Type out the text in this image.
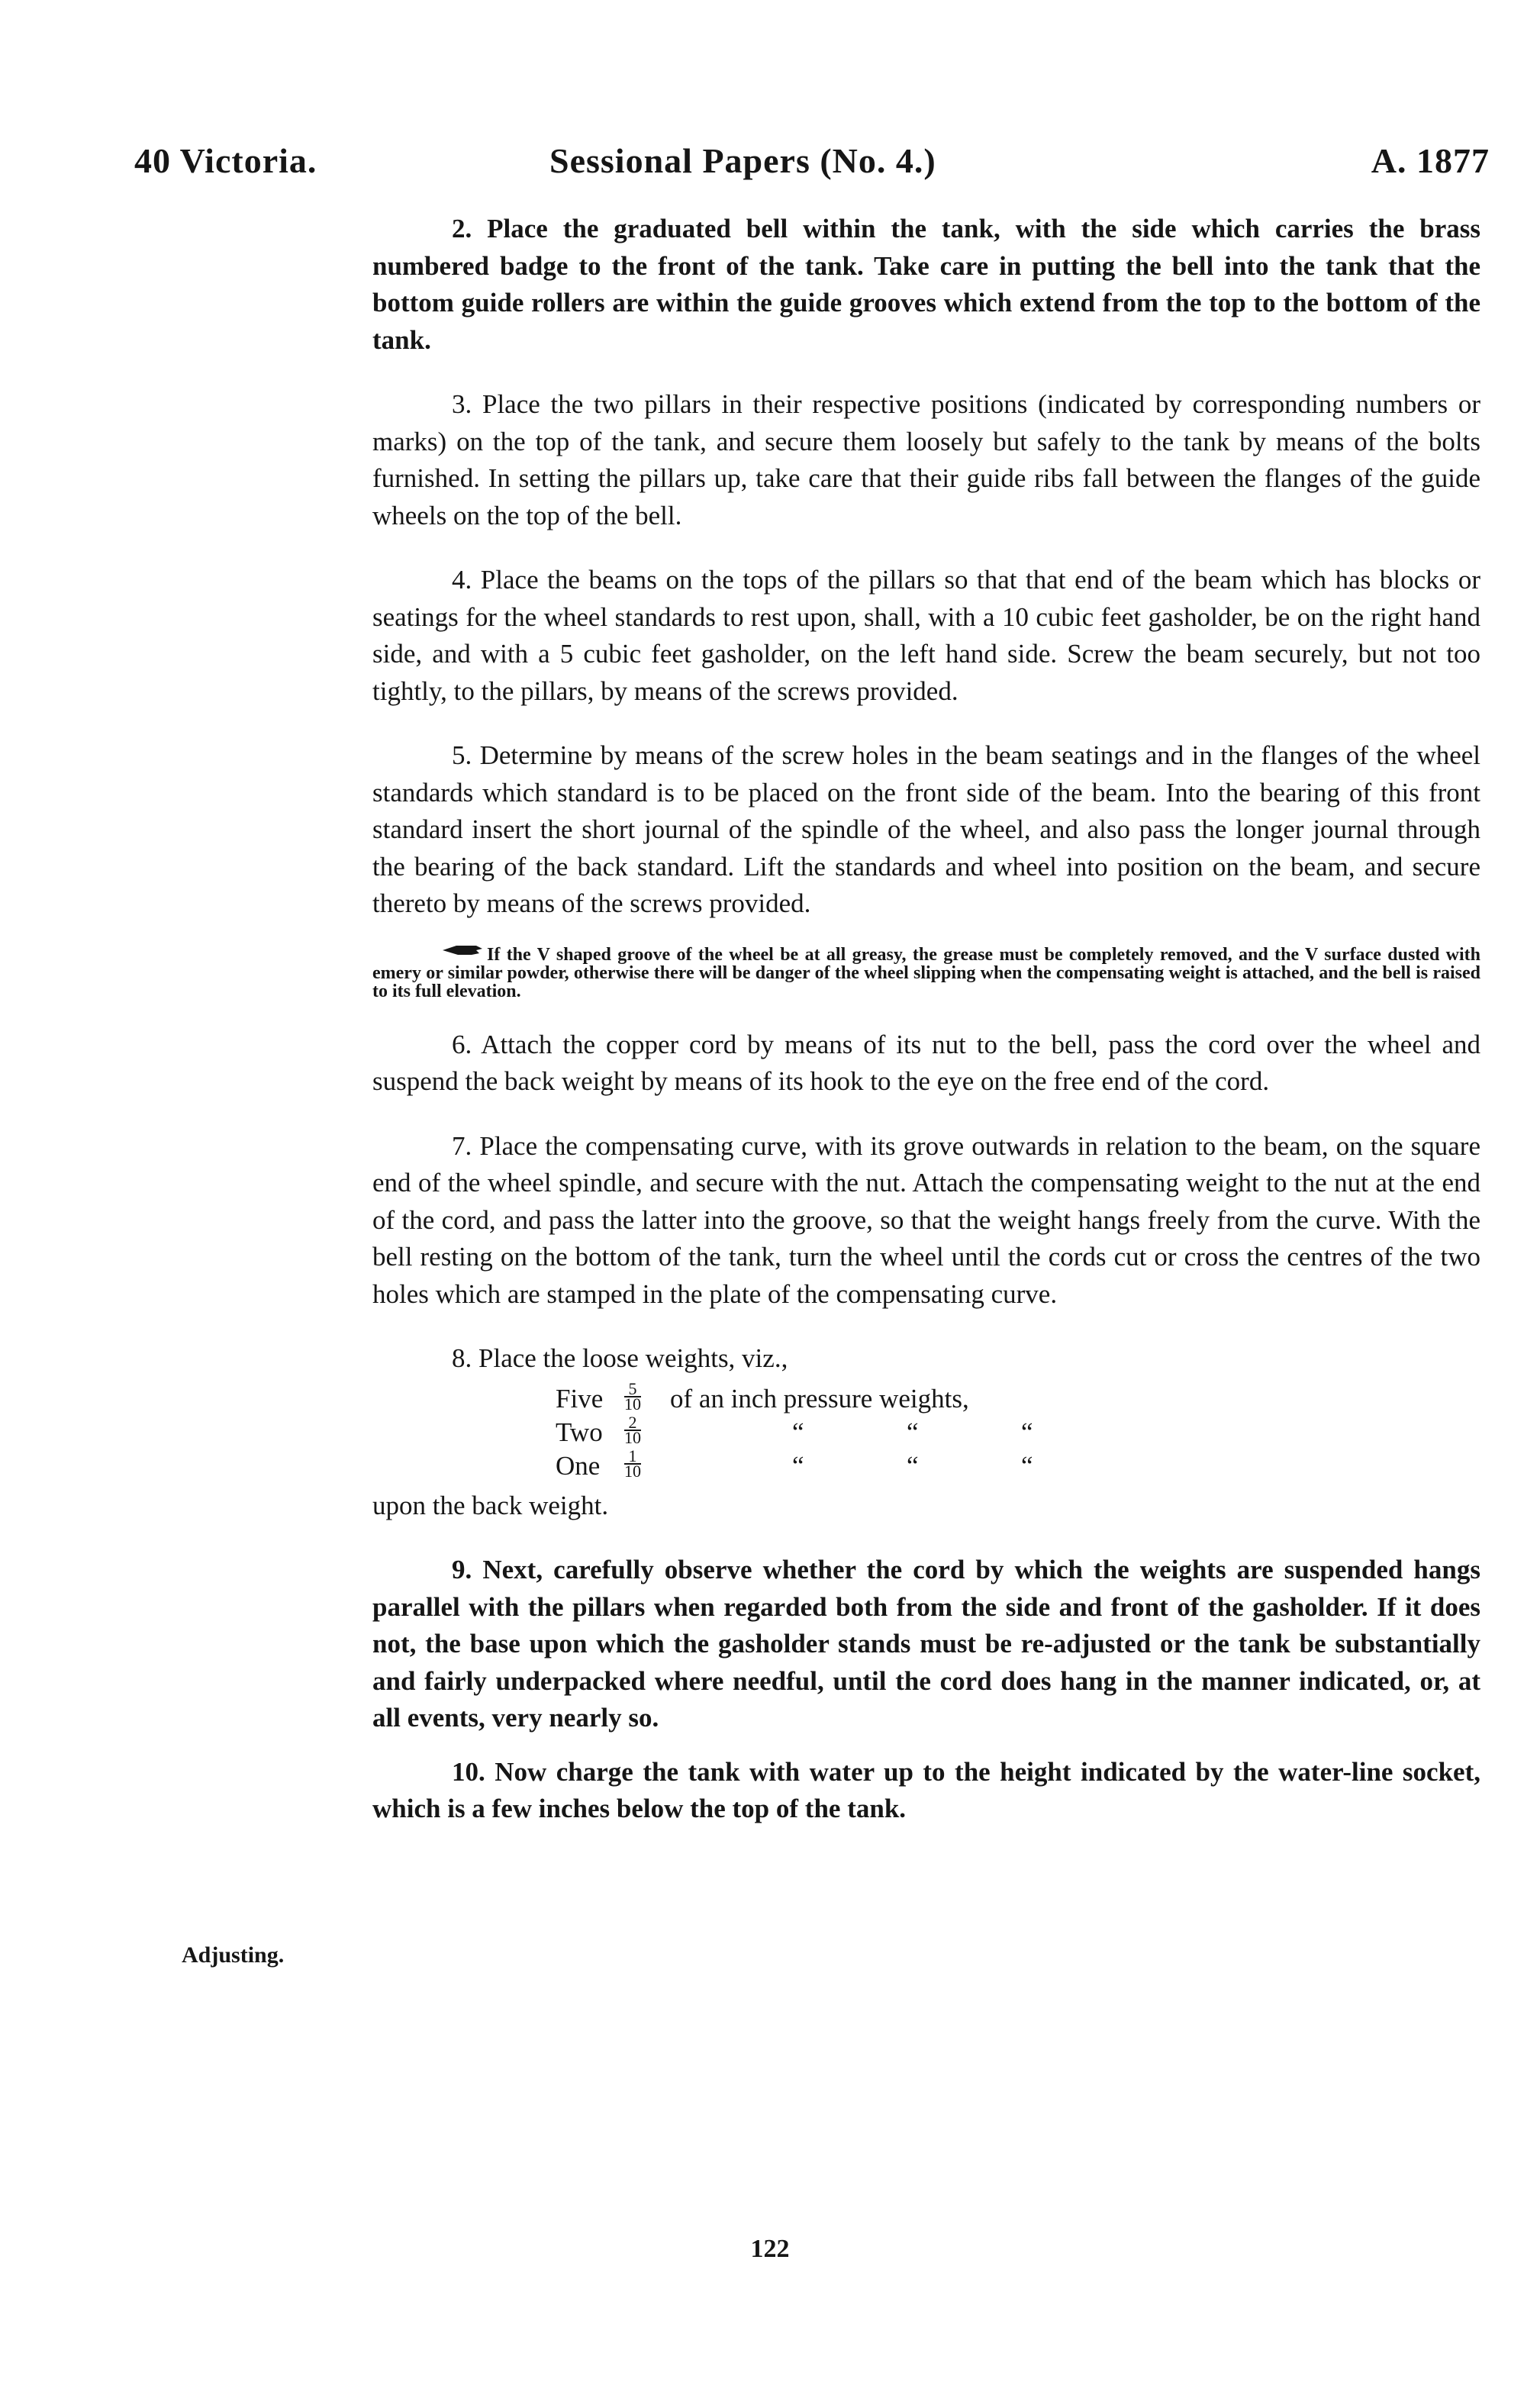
40 Victoria.	Sessional Papers (No. 4.)	A. 1877
Adjusting.

2. Place the graduated bell within the tank, with the side which carries the brass numbered badge to the front of the tank. Take care in putting the bell into the tank that the bottom guide rollers are within the guide grooves which extend from the top to the bottom of the tank.

3. Place the two pillars in their respective positions (indicated by corresponding numbers or marks) on the top of the tank, and secure them loosely but safely to the tank by means of the bolts furnished. In setting the pillars up, take care that their guide ribs fall between the flanges of the guide wheels on the top of the bell.

4. Place the beams on the tops of the pillars so that that end of the beam which has blocks or seatings for the wheel standards to rest upon, shall, with a 10 cubic feet gasholder, be on the right hand side, and with a 5 cubic feet gasholder, on the left hand side. Screw the beam securely, but not too tightly, to the pillars, by means of the screws provided.

5. Determine by means of the screw holes in the beam seatings and in the flanges of the wheel standards which standard is to be placed on the front side of the beam. Into the bearing of this front standard insert the short journal of the spindle of the wheel, and also pass the longer journal through the bearing of the back standard. Lift the standards and wheel into position on the beam, and secure thereto by means of the screws provided.

If the V shaped groove of the wheel be at all greasy, the grease must be completely removed, and the V surface dusted with emery or similar powder, otherwise there will be danger of the wheel slipping when the compensating weight is attached, and the bell is raised to its full elevation.

6. Attach the copper cord by means of its nut to the bell, pass the cord over the wheel and suspend the back weight by means of its hook to the eye on the free end of the cord.

7. Place the compensating curve, with its grove outwards in relation to the beam, on the square end of the wheel spindle, and secure with the nut. Attach the compensating weight to the nut at the end of the cord, and pass the latter into the groove, so that the weight hangs freely from the curve. With the bell resting on the bottom of the tank, turn the wheel until the cords cut or cross the centres of the two holes which are stamped in the plate of the compensating curve.

8. Place the loose weights, viz.,

Five $\frac{5}{10}$ of an inch pressure weights,
Two $\frac{2}{10}$	“	“	“
One $\frac{1}{10}$	“	“	“

upon the back weight.

9. Next, carefully observe whether the cord by which the weights are suspended hangs parallel with the pillars when regarded both from the side and front of the gasholder. If it does not, the base upon which the gasholder stands must be re-adjusted or the tank be substantially and fairly underpacked where needful, until the cord does hang in the manner indicated, or, at all events, very nearly so.

10. Now charge the tank with water up to the height indicated by the water-line socket, which is a few inches below the top of the tank.

122
